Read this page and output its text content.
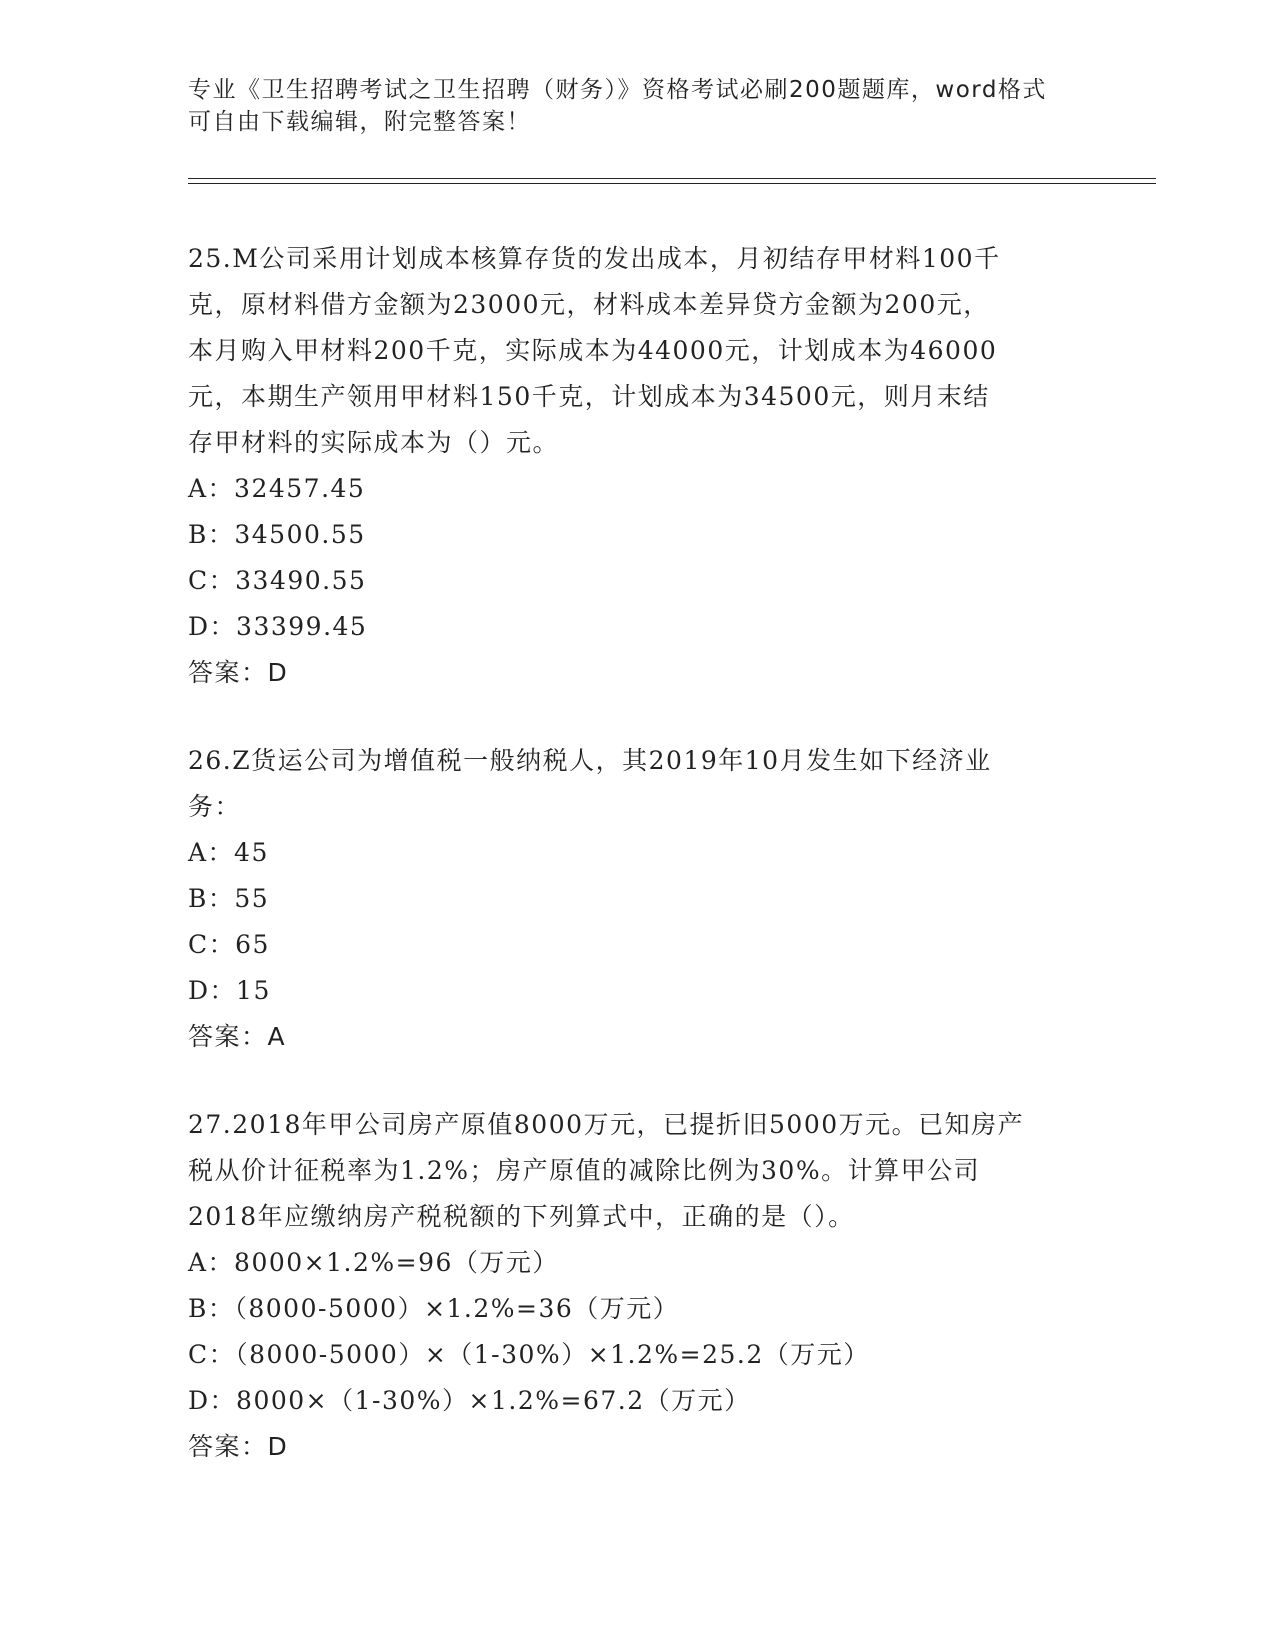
专业《卫生招聘考试之卫生招聘（财务）》资格考试必刷200题题库，word格式
可自由下载编辑，附完整答案！
25.M公司采用计划成本核算存货的发出成本，月初结存甲材料100千
克，原材料借方金额为23000元，材料成本差异贷方金额为200元，
本月购入甲材料200千克，实际成本为44000元，计划成本为46000
元，本期生产领用甲材料150千克，计划成本为34500元，则月末结
存甲材料的实际成本为（）元。
A：32457.45
B：34500.55
C：33490.55
D：33399.45
答案：D
26.Z货运公司为增值税一般纳税人，其2019年10月发生如下经济业
务：
A：45
B：55
C：65
D：15
答案：A
27.2018年甲公司房产原值8000万元，已提折旧5000万元。已知房产
税从价计征税率为1.2%；房产原值的减除比例为30%。计算甲公司
2018年应缴纳房产税税额的下列算式中，正确的是（）。
A：8000×1.2%=96（万元）
B：（8000-5000）×1.2%=36（万元）
C：（8000-5000）×（1-30%）×1.2%=25.2（万元）
D：8000×（1-30%）×1.2%=67.2（万元）
答案：D
